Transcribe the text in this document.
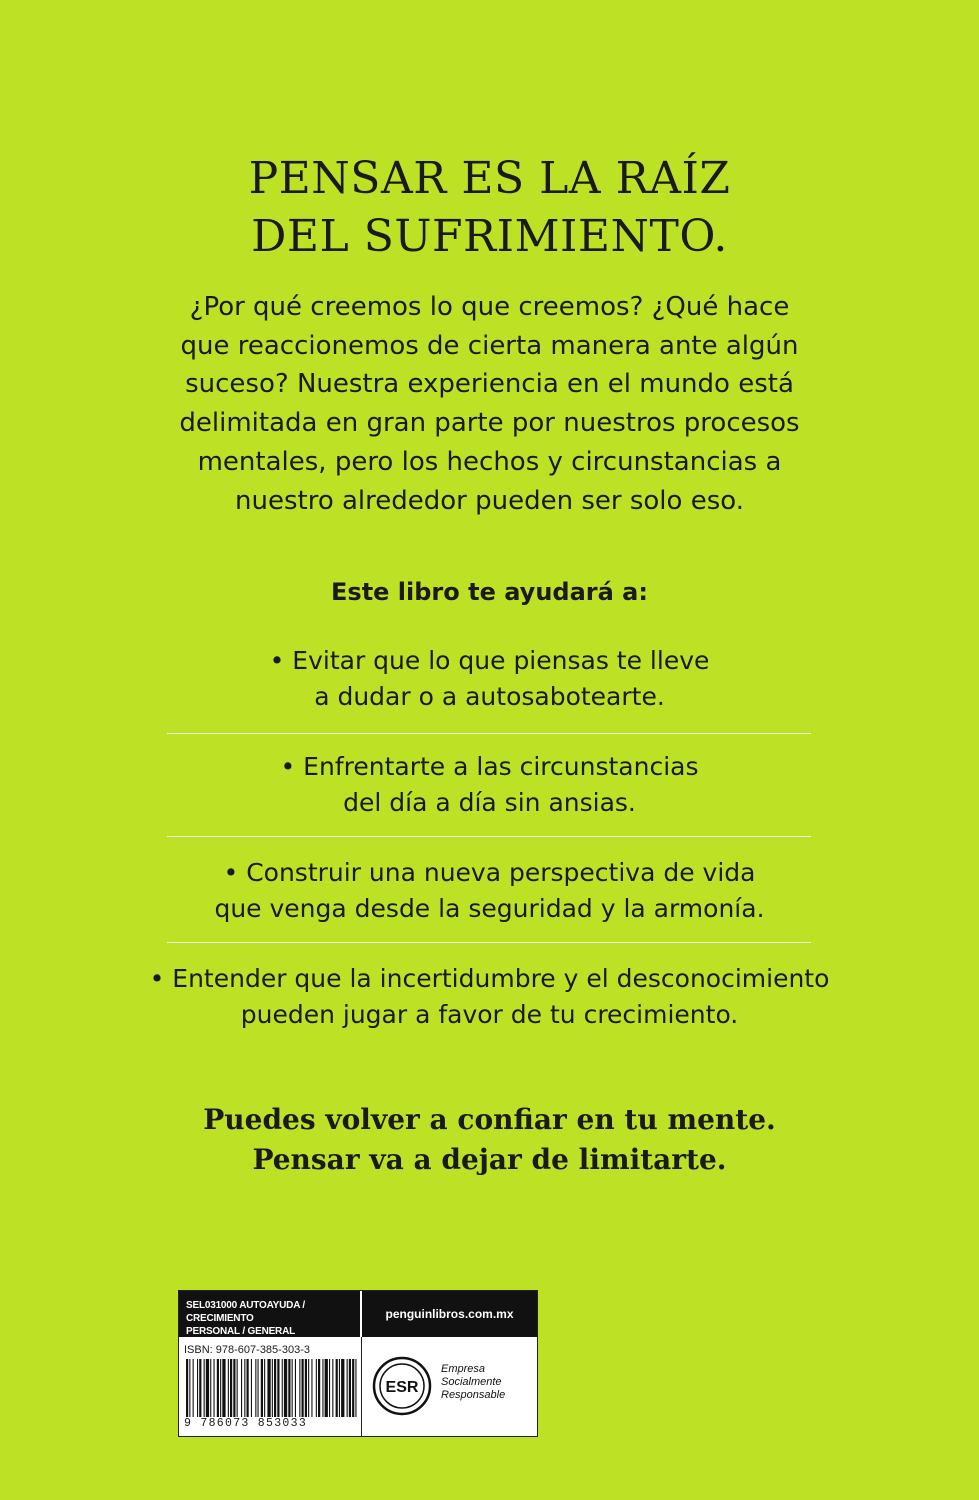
PENSAR ES LA RAÍZ
DEL SUFRIMIENTO.
¿Por qué creemos lo que creemos? ¿Qué hace
que reaccionemos de cierta manera ante algún
suceso? Nuestra experiencia en el mundo está
delimitada en gran parte por nuestros procesos
mentales, pero los hechos y circunstancias a
nuestro alrededor pueden ser solo eso.
Este libro te ayudará a:
• Evitar que lo que piensas te lleve
a dudar o a autosabotearte.
• Enfrentarte a las circunstancias
del día a día sin ansias.
• Construir una nueva perspectiva de vida
que venga desde la seguridad y la armonía.
• Entender que la incertidumbre y el desconocimiento
pueden jugar a favor de tu crecimiento.
Puedes volver a confiar en tu mente.
Pensar va a dejar de limitarte.
SEL031000 AUTOAYUDA / CRECIMIENTO
PERSONAL / GENERAL
penguinlibros.com.mx
ISBN: 978-607-385-303-3
9 786073 853033
ESR
Empresa
Socialmente
Responsable
